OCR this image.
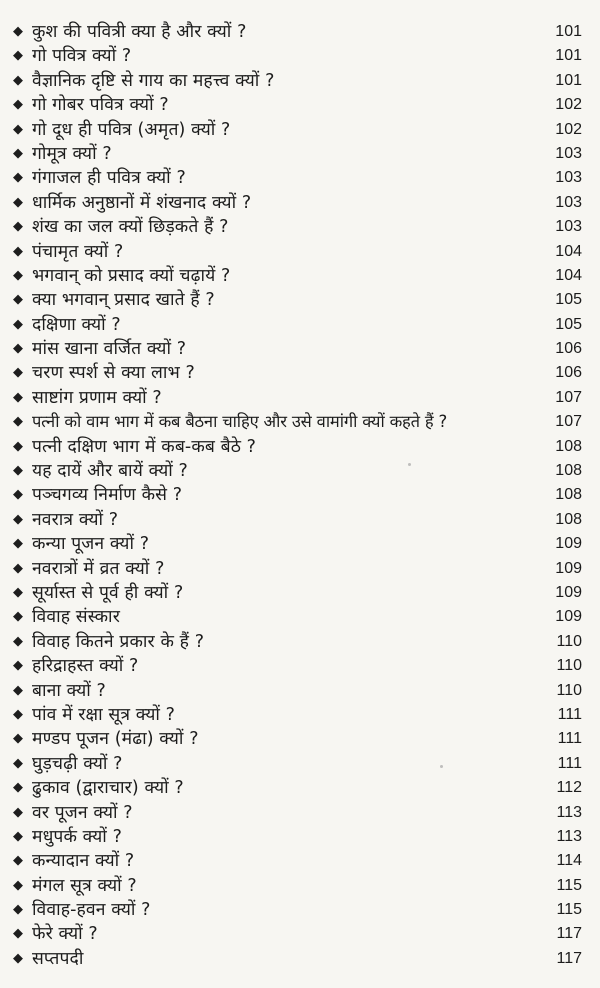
◆ कुश की पवित्री क्या है और क्यों ?	101
◆ गो पवित्र क्यों ?	101
◆ वैज्ञानिक दृष्टि से गाय का महत्त्व क्यों ?	101
◆ गो गोबर पवित्र क्यों ?	102
◆ गो दूध ही पवित्र (अमृत) क्यों ?	102
◆ गोमूत्र क्यों ?	103
◆ गंगाजल ही पवित्र क्यों ?	103
◆ धार्मिक अनुष्ठानों में शंखनाद क्यों ?	103
◆ शंख का जल क्यों छिड़कते हैं ?	103
◆ पंचामृत क्यों ?	104
◆ भगवान् को प्रसाद क्यों चढ़ायें ?	104
◆ क्या भगवान् प्रसाद खाते हैं ?	105
◆ दक्षिणा क्यों ?	105
◆ मांस खाना वर्जित क्यों ?	106
◆ चरण स्पर्श से क्या लाभ ?	106
◆ साष्टांग प्रणाम क्यों ?	107
◆ पत्नी को वाम भाग में कब बैठना चाहिए और उसे वामांगी क्यों कहते हैं ?	107
◆ पत्नी दक्षिण भाग में कब-कब बैठे ?	108
◆ यह दायें और बायें क्यों ?	108
◆ पञ्चगव्य निर्माण कैसे ?	108
◆ नवरात्र क्यों ?	108
◆ कन्या पूजन क्यों ?	109
◆ नवरात्रों में व्रत क्यों ?	109
◆ सूर्यास्त से पूर्व ही क्यों ?	109
◆ विवाह संस्कार	109
◆ विवाह कितने प्रकार के हैं ?	110
◆ हरिद्राहस्त क्यों ?	110
◆ बाना क्यों ?	110
◆ पांव में रक्षा सूत्र क्यों ?	111
◆ मण्डप पूजन (मंढा) क्यों ?	111
◆ घुड़चढ़ी क्यों ?	111
◆ ढुकाव (द्वाराचार) क्यों ?	112
◆ वर पूजन क्यों ?	113
◆ मधुपर्क क्यों ?	113
◆ कन्यादान क्यों ?	114
◆ मंगल सूत्र क्यों ?	115
◆ विवाह-हवन क्यों ?	115
◆ फेरे क्यों ?	117
◆ सप्तपदी	117
